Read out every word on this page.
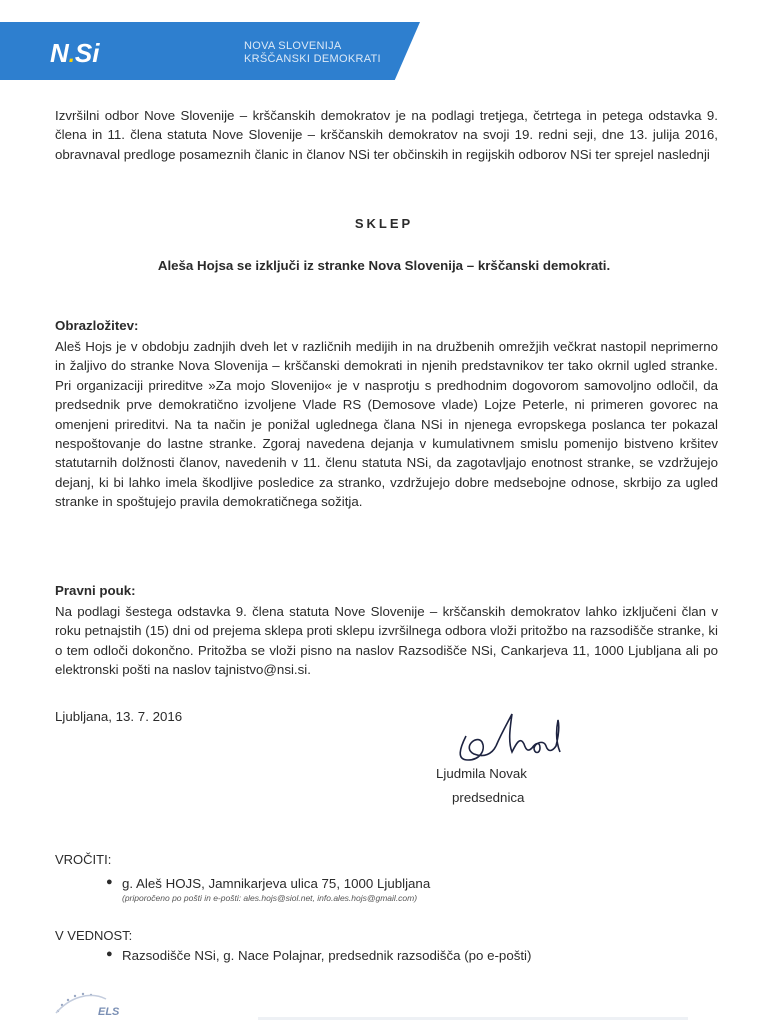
N.Si	NOVA SLOVENIJA
KRŠČANSKI DEMOKRATI
Izvršilni odbor Nove Slovenije – krščanskih demokratov je na podlagi tretjega, četrtega in petega odstavka 9. člena in 11. člena statuta Nove Slovenije – krščanskih demokratov na svoji 19. redni seji, dne 13. julija 2016, obravnaval predloge posameznih članic in članov NSi ter občinskih in regijskih odborov NSi ter sprejel naslednji
SKLEP
Aleša Hojsa se izključi iz stranke Nova Slovenija – krščanski demokrati.
Obrazložitev:
Aleš Hojs je v obdobju zadnjih dveh let v različnih medijih in na družbenih omrežjih večkrat nastopil neprimerno in žaljivo do stranke Nova Slovenija – krščanski demokrati in njenih predstavnikov ter tako okrnil ugled stranke. Pri organizaciji prireditve »Za mojo Slovenijo« je v nasprotju s predhodnim dogovorom samovoljno odločil, da predsednik prve demokratično izvoljene Vlade RS (Demosove vlade) Lojze Peterle, ni primeren govorec na omenjeni prireditvi. Na ta način je ponižal uglednega člana NSi in njenega evropskega poslanca ter pokazal nespoštovanje do lastne stranke. Zgoraj navedena dejanja v kumulativnem smislu pomenijo bistveno kršitev statutarnih dolžnosti članov, navedenih v 11. členu statuta NSi, da zagotavljajo enotnost stranke, se vzdržujejo dejanj, ki bi lahko imela škodljive posledice za stranko, vzdržujejo dobre medsebojne odnose, skrbijo za ugled stranke in spoštujejo pravila demokratičnega sožitja.
Pravni pouk:
Na podlagi šestega odstavka 9. člena statuta Nove Slovenije – krščanskih demokratov lahko izključeni član v roku petnajstih (15) dni od prejema sklepa proti sklepu izvršilnega odbora vloži pritožbo na razsodišče stranke, ki o tem odloči dokončno. Pritožba se vloži pisno na naslov Razsodišče NSi, Cankarjeva 11, 1000 Ljubljana ali po elektronski pošti na naslov tajnistvo@nsi.si.
Ljubljana, 13. 7. 2016
Ljudmila Novak
predsednica
VROČITI:
● g. Aleš HOJS, Jamnikarjeva ulica 75, 1000 Ljubljana
(priporočeno po pošti in e-pošti: ales.hojs@siol.net, info.ales.hojs@gmail.com)
V VEDNOST:
● Razsodišče NSi, g. Nace Polajnar, predsednik razsodišča (po e-pošti)
ELS
